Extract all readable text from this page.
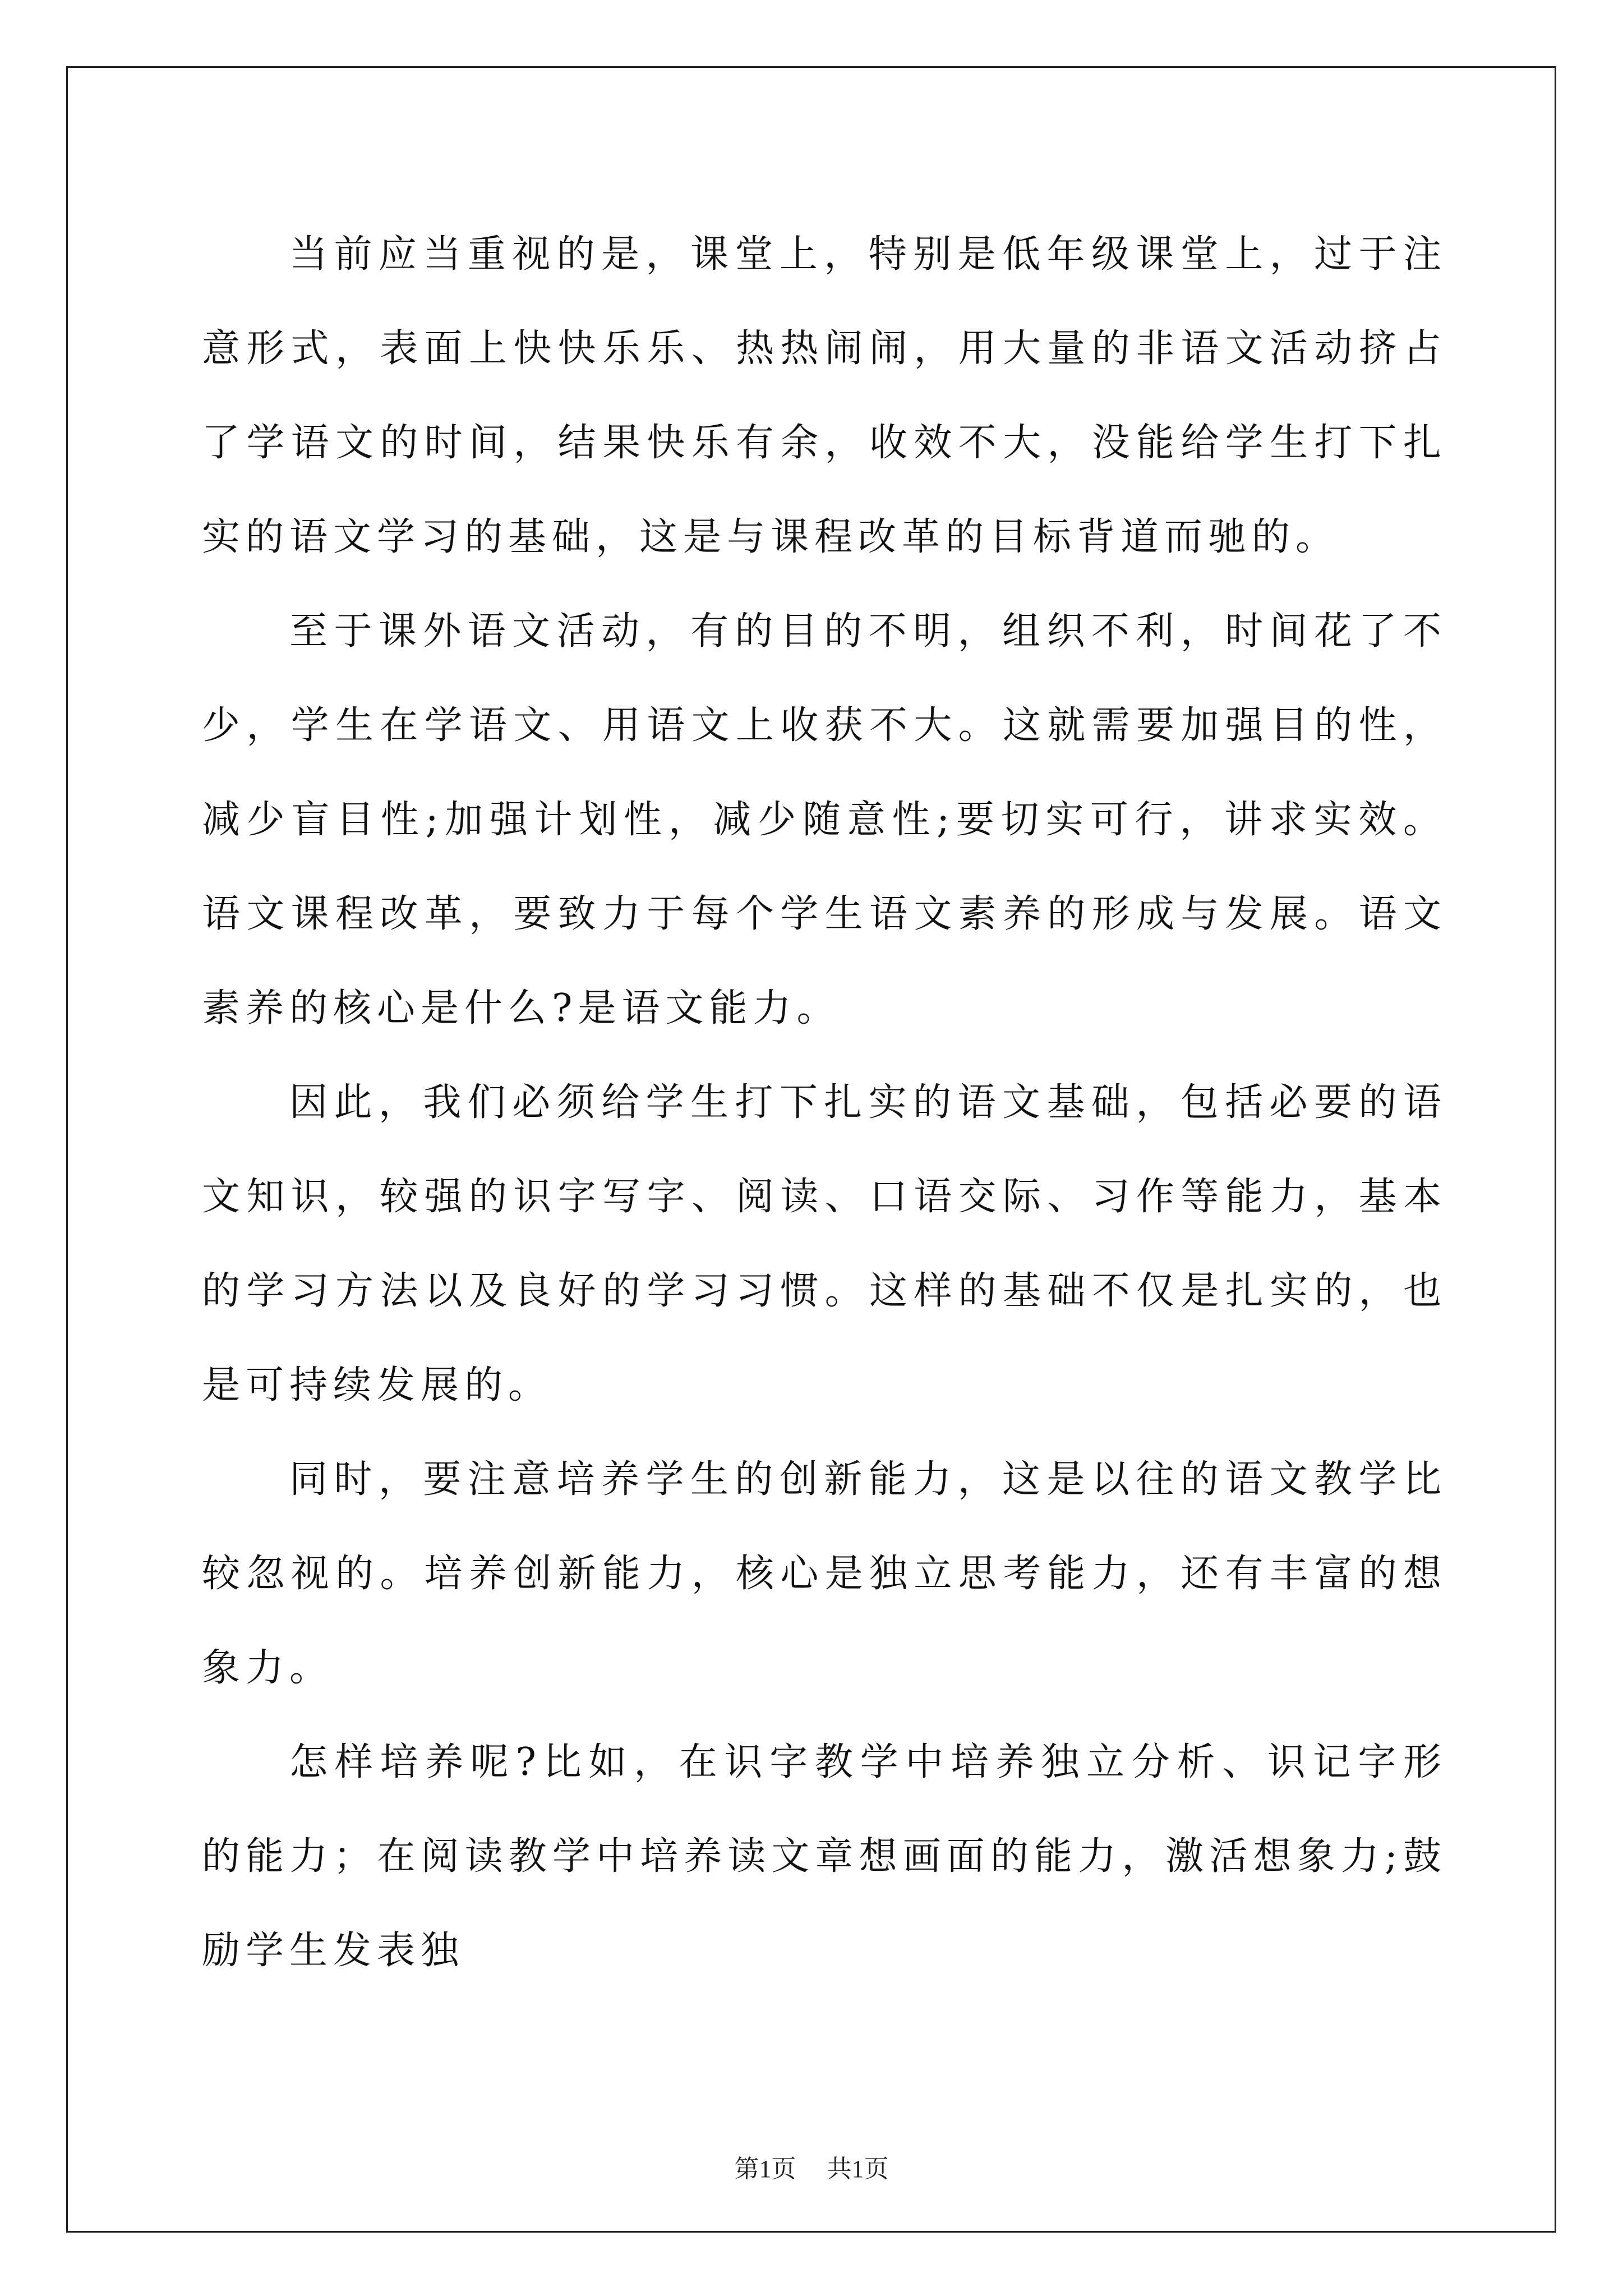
当前应当重视的是，课堂上，特别是低年级课堂上，过于注意形式，表面上快快乐乐、热热闹闹，用大量的非语文活动挤占了学语文的时间，结果快乐有余，收效不大，没能给学生打下扎实的语文学习的基础，这是与课程改革的目标背道而驰的。

至于课外语文活动，有的目的不明，组织不利，时间花了不少，学生在学语文、用语文上收获不大。这就需要加强目的性，减少盲目性;加强计划性，减少随意性;要切实可行，讲求实效。语文课程改革，要致力于每个学生语文素养的形成与发展。语文素养的核心是什么?是语文能力。

因此，我们必须给学生打下扎实的语文基础，包括必要的语文知识，较强的识字写字、阅读、口语交际、习作等能力，基本的学习方法以及良好的学习习惯。这样的基础不仅是扎实的，也是可持续发展的。

同时，要注意培养学生的创新能力，这是以往的语文教学比较忽视的。培养创新能力，核心是独立思考能力，还有丰富的想象力。

怎样培养呢?比如，在识字教学中培养独立分析、识记字形的能力；在阅读教学中培养读文章想画面的能力，激活想象力;鼓励学生发表独

第1页 共1页
